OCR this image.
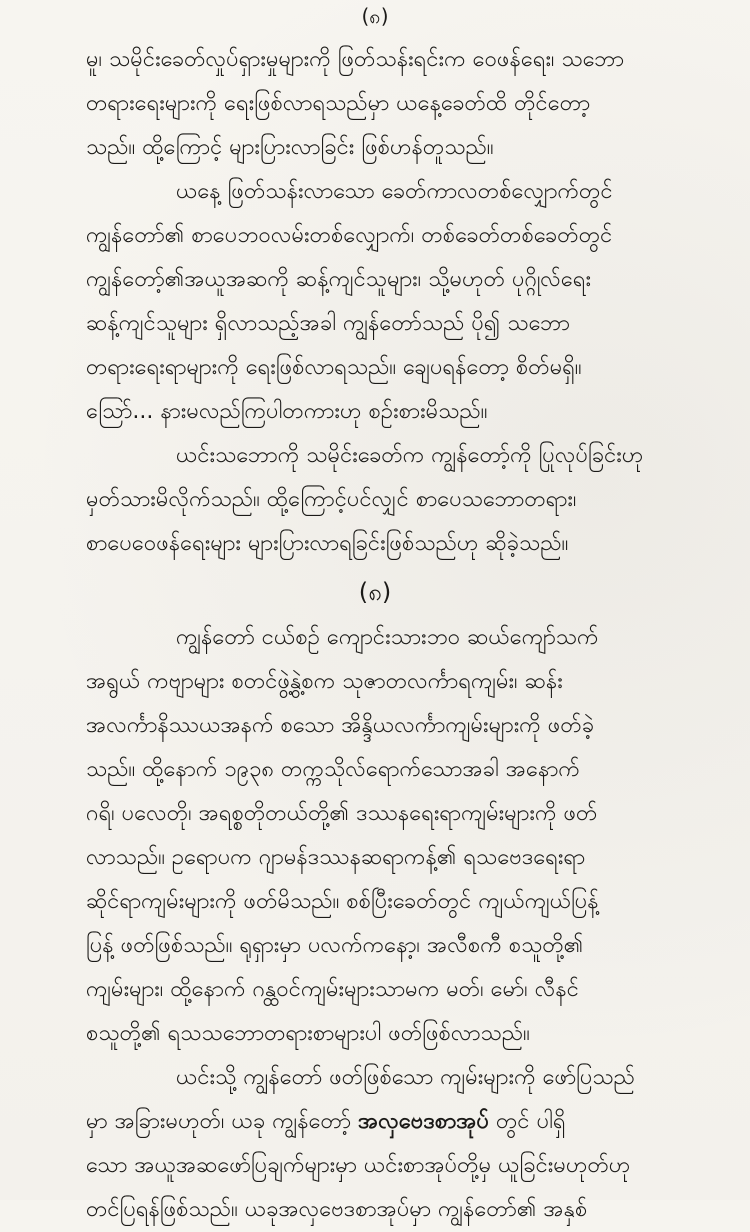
(၈)
မူ၊ သမိုင်းခေတ်လှုပ်ရှားမှုများကို ဖြတ်သန်းရင်းက ဝေဖန်ရေး၊ သဘော
တရားရေးများကို ရေးဖြစ်လာရသည်မှာ ယနေ့ခေတ်ထိ တိုင်တော့
သည်။ ထို့ကြောင့် များပြားလာခြင်း ဖြစ်ဟန်တူသည်။
ယနေ့ ဖြတ်သန်းလာသော ခေတ်ကာလတစ်လျှောက်တွင်
ကျွန်တော်၏ စာပေဘဝလမ်းတစ်လျှောက်၊ တစ်ခေတ်တစ်ခေတ်တွင်
ကျွန်တော့်၏အယူအဆကို ဆန့်ကျင်သူများ၊ သို့မဟုတ် ပုဂ္ဂိုလ်ရေး
ဆန့်ကျင်သူများ ရှိလာသည့်အခါ ကျွန်တော်သည် ပို၍ သဘော
တရားရေးရာများကို ရေးဖြစ်လာရသည်။ ချေပရန်တော့ စိတ်မရှိ။
သြော်... နားမလည်ကြပါတကားဟု စဉ်းစားမိသည်။
ယင်းသဘောကို သမိုင်းခေတ်က ကျွန်တော့်ကို ပြုလုပ်ခြင်းဟု
မှတ်သားမိလိုက်သည်။ ထို့ကြောင့်ပင်လျှင် စာပေသဘောတရား၊
စာပေဝေဖန်ရေးများ များပြားလာရခြင်းဖြစ်သည်ဟု ဆိုခဲ့သည်။
(၈)
ကျွန်တော် ငယ်စဉ် ကျောင်းသားဘဝ ဆယ်ကျော်သက်
အရွယ် ကဗျာများ စတင်ဖွဲ့နွဲ့စက သုဇာတလင်္ကာရကျမ်း၊ ဆန်း
အလင်္ကာနိဿယအနက် စသော အိန္ဒိယလင်္ကာကျမ်းများကို ဖတ်ခဲ့
သည်။ ထို့နောက် ၁၉၃၈ တက္ကသိုလ်ရောက်သောအခါ အနောက်
ဂရိ၊ ပလေတို၊ အရစ္စတိုတယ်တို့၏ ဒဿနရေးရာကျမ်းများကို ဖတ်
လာသည်။ ဥရောပက ဂျာမန်ဒဿနဆရာကန့်၏ ရသဗေဒရေးရာ
ဆိုင်ရာကျမ်းများကို ဖတ်မိသည်။ စစ်ပြီးခေတ်တွင် ကျယ်ကျယ်ပြန့်
ပြန့် ဖတ်ဖြစ်သည်။ ရုရှားမှာ ပလက်ကနော့၊ အလီစကီ စသူတို့၏
ကျမ်းများ၊ ထို့နောက် ဂန္ထဝင်ကျမ်းများသာမက မတ်၊ မော်၊ လီနင်
စသူတို့၏ ရသသဘောတရားစာများပါ ဖတ်ဖြစ်လာသည်။
ယင်းသို့ ကျွန်တော် ဖတ်ဖြစ်သော ကျမ်းများကို ဖော်ပြသည်
မှာ အခြားမဟုတ်၊ ယခု ကျွန်တော့် အလှဗေဒစာအုပ် တွင် ပါရှိ
သော အယူအဆဖော်ပြချက်များမှာ ယင်းစာအုပ်တို့မှ ယူခြင်းမဟုတ်ဟု
တင်ပြရန်ဖြစ်သည်။ ယခုအလှဗေဒစာအုပ်မှာ ကျွန်တော်၏ အနှစ်
